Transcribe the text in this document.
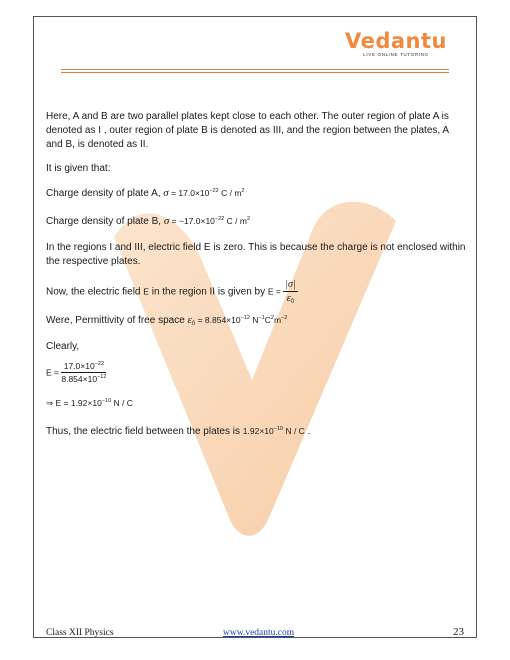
Vedantu
LIVE ONLINE TUTORING

Here, A and B are two parallel plates kept close to each other. The outer region of plate A is denoted as I , outer region of plate B is denoted as III, and the region between the plates, A and B, is denoted as II.

It is given that:

Charge density of plate A, $\sigma = 17.0\times 10^{-22}$ C / $m^2$

Charge density of plate B, $\sigma = -17.0\times 10^{-22}$ C / $m^2$

In the regions I and III, electric field E is zero. This is because the charge is not enclosed within the respective plates.

Now, the electric field E in the region II is given by $E = \frac{|\sigma|}{\varepsilon_0}$

Were, Permittivity of free space $\varepsilon_0 = 8.854\times 10^{-12}$ $N^{-1}C^2m^{-2}$

Clearly,

$E = \frac{17.0\times 10^{-22}}{8.854\times 10^{-12}}$

⇒ $E = 1.92\times 10^{-10}$ N / C

Thus, the electric field between the plates is $1.92\times 10^{-10}$ N / C .

Class XII Physics	www.vedantu.com	23
